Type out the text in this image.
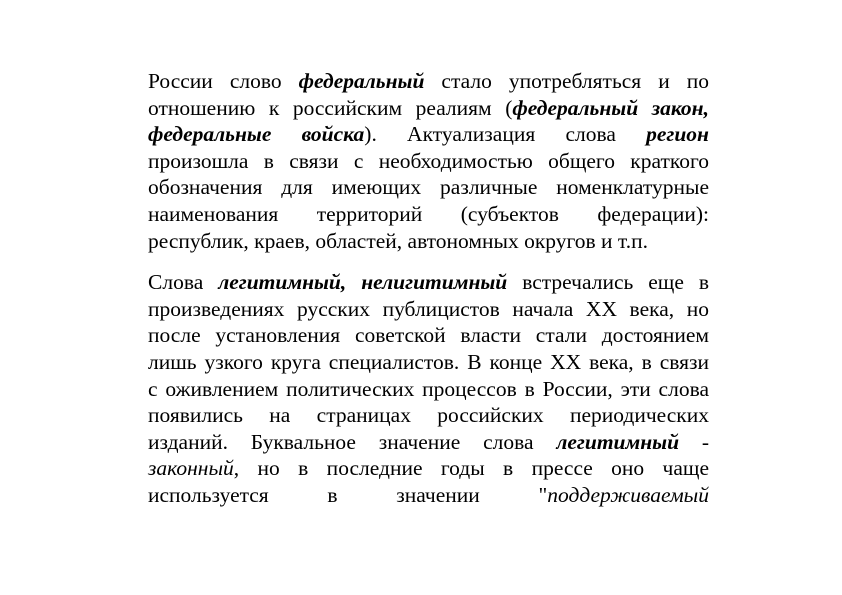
России слово федеральный стало употребляться и по
отношению к российским реалиям (федеральный закон,
федеральные войска). Актуализация слова регион
произошла в связи с необходимостью общего краткого
обозначения для имеющих различные номенклатурные
наименования территорий (субъектов федерации):
республик, краев, областей, автономных округов и т.п.

Слова легитимный, нелигитимный встречались еще в
произведениях русских публицистов начала XX века, но
после установления советской власти стали достоянием
лишь узкого круга специалистов. В конце XX века, в связи
с оживлением политических процессов в России, эти слова
появились на страницах российских периодических
изданий. Буквальное значение слова легитимный -
законный, но в последние годы в прессе оно чаще
используется в значении "поддерживаемый
